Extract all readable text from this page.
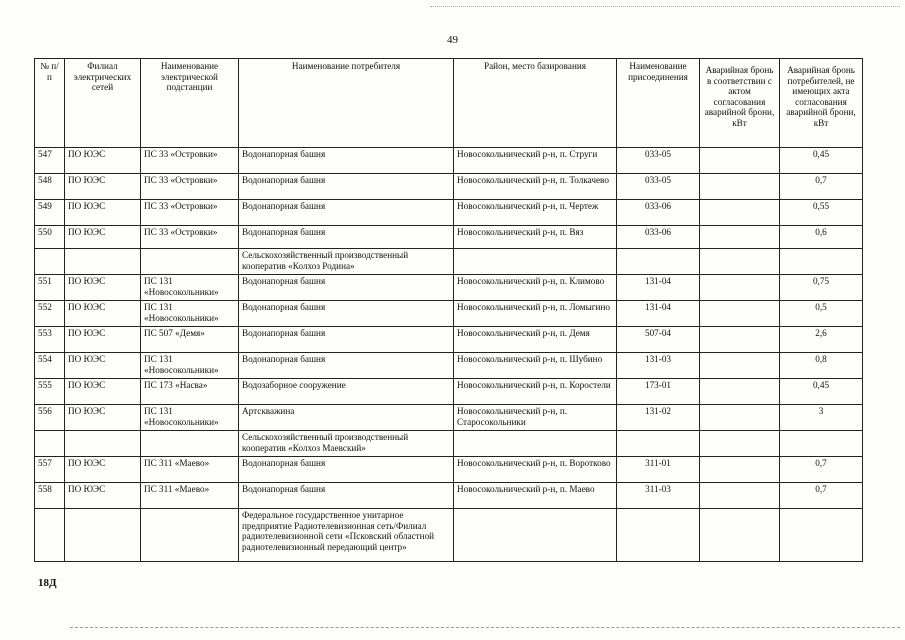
49
№ п/п	Филиал электрических сетей	Наименование электрической подстанции	Наименование потребителя	Район, место базирования	Наименование присоединения	Аварийная бронь в соответствии с актом согласования аварийной брони, кВт	Аварийная бронь потребителей, не имеющих акта согласования аварийной брони, кВт
547	ПО ЮЭС	ПС 33 «Островки»	Водонапорная башня	Новосокольнический р-н, п. Струги	033-05		0,45
548	ПО ЮЭС	ПС 33 «Островки»	Водонапорная башня	Новосокольнический р-н, п. Толкачево	033-05		0,7
549	ПО ЮЭС	ПС 33 «Островки»	Водонапорная башня	Новосокольнический р-н, п. Чертеж	033-06		0,55
550	ПО ЮЭС	ПС 33 «Островки»	Водонапорная башня	Новосокольнический р-н, п. Вяз	033-06		0,6
			Сельскохозяйственный производственный кооператив «Колхоз Родина»				
551	ПО ЮЭС	ПС 131 «Новосокольники»	Водонапорная башня	Новосокольнический р-н, п. Климово	131-04		0,75
552	ПО ЮЭС	ПС 131 «Новосокольники»	Водонапорная башня	Новосокольнический р-н, п. Ломыгино	131-04		0,5
553	ПО ЮЭС	ПС 507 «Демя»	Водонапорная башня	Новосокольнический р-н, п. Демя	507-04		2,6
554	ПО ЮЭС	ПС 131 «Новосокольники»	Водонапорная башня	Новосокольнический р-н, п. Шубино	131-03		0,8
555	ПО ЮЭС	ПС 173 «Насва»	Водозаборное сооружение	Новосокольнический р-н, п. Коростели	173-01		0,45
556	ПО ЮЭС	ПС 131 «Новосокольники»	Артскважина	Новосокольнический р-н, п. Старосокольники	131-02		3
			Сельскохозяйственный производственный кооператив «Колхоз Маевский»				
557	ПО ЮЭС	ПС 311 «Маево»	Водонапорная башня	Новосокольнический р-н, п. Воротково	311-01		0,7
558	ПО ЮЭС	ПС 311 «Маево»	Водонапорная башня	Новосокольнический р-н, п. Маево	311-03		0,7
			Федеральное государственное унитарное предприятие Радиотелевизионная сеть/Филиал радиотелевизионной сети «Псковский областной радиотелевизионный передающий центр»				
18Д
